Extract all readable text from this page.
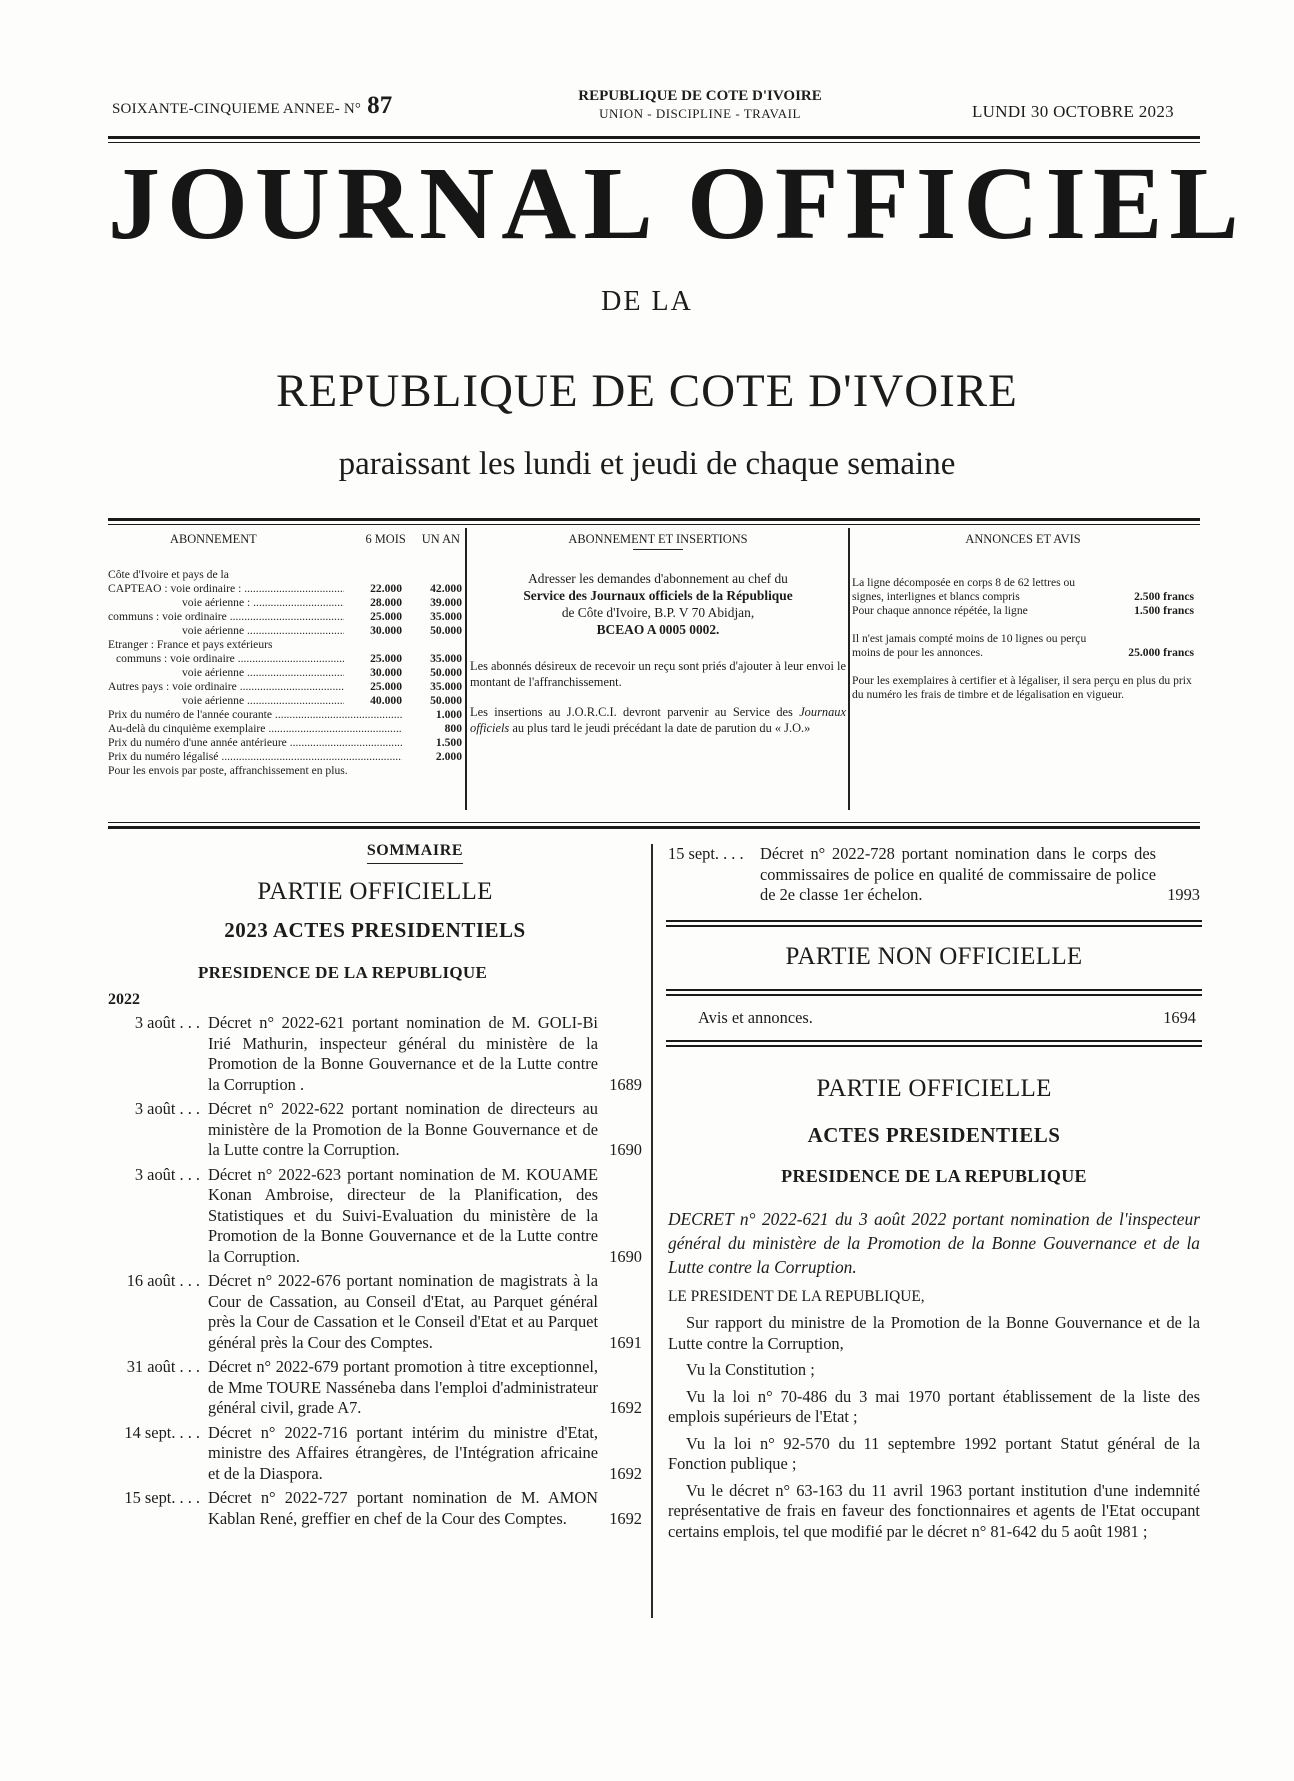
SOIXANTE-CINQUIEME ANNEE- N° 87	REPUBLIQUE DE COTE D'IVOIRE
UNION - DISCIPLINE - TRAVAIL	LUNDI 30 OCTOBRE 2023
JOURNAL OFFICIEL
DE LA
REPUBLIQUE DE COTE D'IVOIRE
paraissant les lundi et jeudi de chaque semaine
ABONNEMENT	6 MOIS UN AN
Côte d'Ivoire et pays de la
CAPTEAO : voie ordinaire : .....	22.000	42.000
voie aérienne : .....	28.000	39.000
communs : voie ordinaire .....	25.000	35.000
voie aérienne .....	30.000	50.000
Etranger : France et pays extérieurs
communs : voie ordinaire .....	25.000	35.000
voie aérienne .....	30.000	50.000
Autres pays : voie ordinaire .....	25.000	35.000
voie aérienne .....	40.000	50.000
Prix du numéro de l'année courante .....	1.000
Au-delà du cinquième exemplaire .....	800
Prix du numéro d'une année antérieure .....	1.500
Prix du numéro légalisé .....	2.000
Pour les envois par poste, affranchissement en plus.
ABONNEMENT ET INSERTIONS
Adresser les demandes d'abonnement au chef du
Service des Journaux officiels de la République
de Côte d'Ivoire, B.P. V 70 Abidjan,
BCEAO A 0005 0002.

Les abonnés désireux de recevoir un reçu sont priés d'ajouter à leur envoi le montant de l'affranchissement.

Les insertions au J.O.R.C.I. devront parvenir au Service des Journaux officiels au plus tard le jeudi précédant la date de parution du « J.O.»

ANNONCES ET AVIS
La ligne décomposée en corps 8 de 62 lettres ou signes, interlignes et blancs compris	2.500 francs
Pour chaque annonce répétée, la ligne	1.500 francs
Il n'est jamais compté moins de 10 lignes ou perçu moins de pour les annonces.	25.000 francs
Pour les exemplaires à certifier et à légaliser, il sera perçu en plus du prix du numéro les frais de timbre et de légalisation en vigueur.
SOMMAIRE
PARTIE OFFICIELLE
2023 ACTES PRESIDENTIELS
PRESIDENCE DE LA REPUBLIQUE
2022
3 août . . . Décret n° 2022-621 portant nomination de M. GOLI-Bi Irié Mathurin, inspecteur général du ministère de la Promotion de la Bonne Gouvernance et de la Lutte contre la Corruption .	1689
3 août . . . Décret n° 2022-622 portant nomination de directeurs au ministère de la Promotion de la Bonne Gouvernance et de la Lutte contre la Corruption.	1690
3 août . . . Décret n° 2022-623 portant nomination de M. KOUAME Konan Ambroise, directeur de la Planification, des Statistiques et du Suivi-Evaluation du ministère de la Promotion de la Bonne Gouvernance et de la Lutte contre la Corruption.	1690
16 août . . . Décret n° 2022-676 portant nomination de magistrats à la Cour de Cassation, au Conseil d'Etat, au Parquet général près la Cour de Cassation et le Conseil d'Etat et au Parquet général près la Cour des Comptes.	1691
31 août . . . Décret n° 2022-679 portant promotion à titre exceptionnel, de Mme TOURE Nasséneba dans l'emploi d'administrateur général civil, grade A7.	1692
14 sept. . . . Décret n° 2022-716 portant intérim du ministre d'Etat, ministre des Affaires étrangères, de l'Intégration africaine et de la Diaspora.	1692
15 sept. . . . Décret n° 2022-727 portant nomination de M. AMON Kablan René, greffier en chef de la Cour des Comptes.	1692
15 sept. . . .	Décret n° 2022-728 portant nomination dans le corps des commissaires de police en qualité de commissaire de police de 2e classe 1er échelon.	1993
PARTIE NON OFFICIELLE
Avis et annonces.	1694
PARTIE OFFICIELLE
ACTES PRESIDENTIELS
PRESIDENCE DE LA REPUBLIQUE
DECRET n° 2022-621 du 3 août 2022 portant nomination de l'inspecteur général du ministère de la Promotion de la Bonne Gouvernance et de la Lutte contre la Corruption.
LE PRESIDENT DE LA REPUBLIQUE,
Sur rapport du ministre de la Promotion de la Bonne Gouvernance et de la Lutte contre la Corruption,
Vu la Constitution ;
Vu la loi n° 70-486 du 3 mai 1970 portant établissement de la liste des emplois supérieurs de l'Etat ;
Vu la loi n° 92-570 du 11 septembre 1992 portant Statut général de la Fonction publique ;
Vu le décret n° 63-163 du 11 avril 1963 portant institution d'une indemnité représentative de frais en faveur des fonctionnaires et agents de l'Etat occupant certains emplois, tel que modifié par le décret n° 81-642 du 5 août 1981 ;
